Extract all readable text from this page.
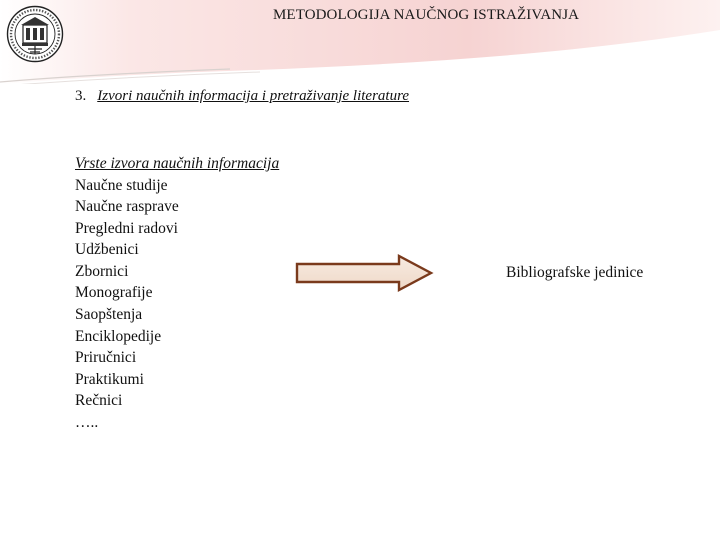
METODOLOGIJA NAUČNOG ISTRAŽIVANJA
3. Izvori naučnih informacija i pretraživanje literature
Vrste izvora naučnih informacija
Naučne studije
Naučne rasprave
Pregledni radovi
Udžbenici
Zbornici
Monografije
Saopštenja
Enciklopedije
Priručnici
Praktikumi
Rečnici
…..
Bibliografske jedinice
